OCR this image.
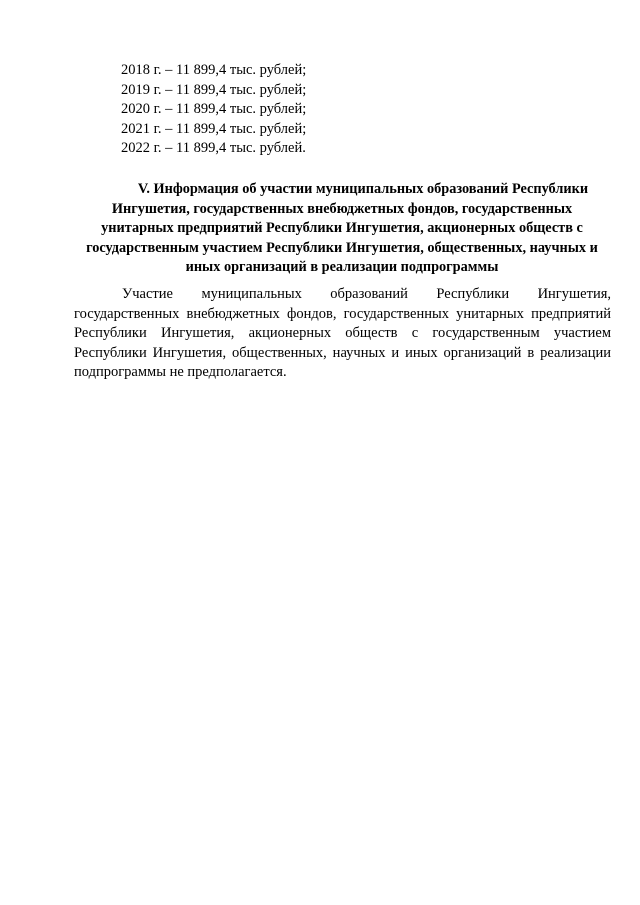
2018 г. – 11 899,4 тыс. рублей;
2019 г. – 11 899,4 тыс. рублей;
2020 г. – 11 899,4 тыс. рублей;
2021 г. – 11 899,4 тыс. рублей;
2022 г. – 11 899,4 тыс. рублей.
V. Информация об участии муниципальных образований Республики Ингушетия, государственных внебюджетных фондов, государственных унитарных предприятий Республики Ингушетия, акционерных обществ с государственным участием Республики Ингушетия, общественных, научных и иных организаций в реализации подпрограммы

Участие муниципальных образований Республики Ингушетия, государственных внебюджетных фондов, государственных унитарных предприятий Республики Ингушетия, акционерных обществ с государственным участием Республики Ингушетия, общественных, научных и иных организаций в реализации подпрограммы не предполагается.
